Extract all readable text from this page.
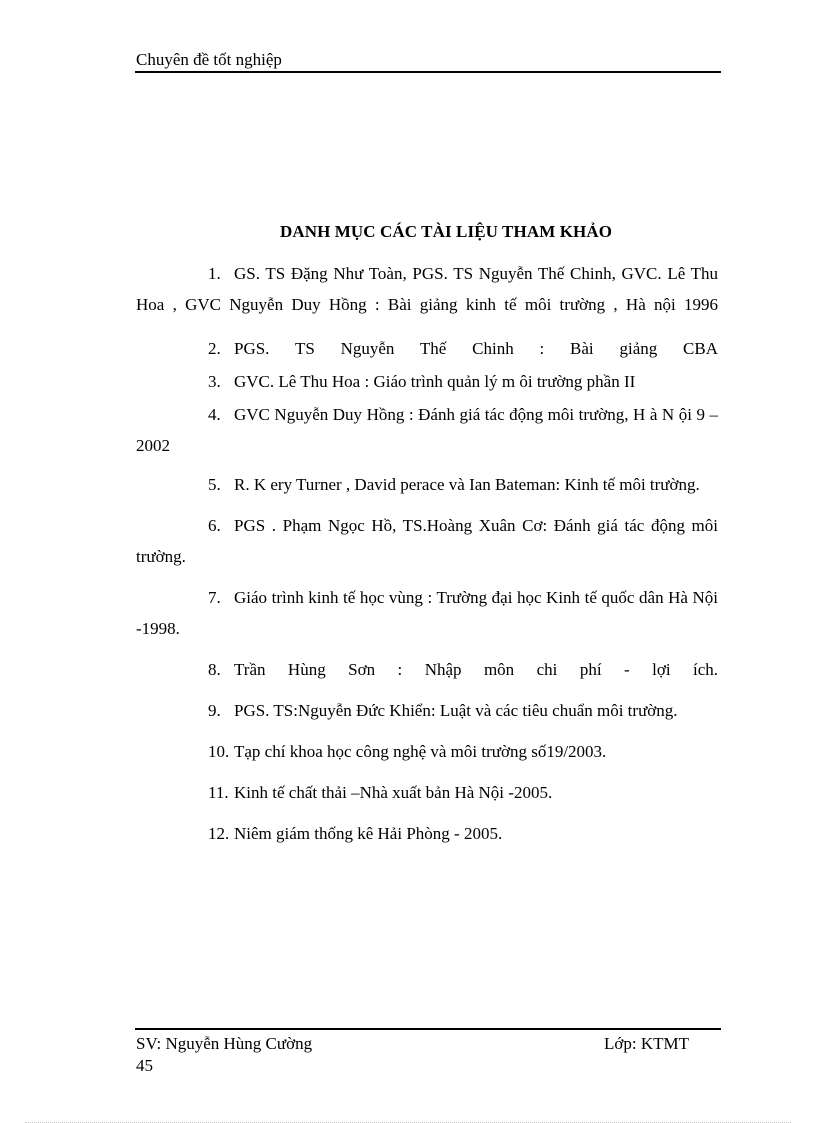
Chuyên đề tốt nghiệp
DANH MỤC CÁC TÀI LIỆU THAM KHẢO

1. GS. TS Đặng Như Toàn, PGS. TS Nguyễn Thế Chinh, GVC. Lê Thu Hoa , GVC Nguyễn Duy Hồng : Bài giảng kinh tế môi trường , Hà nội 1996

2. PGS. TS Nguyễn Thế Chinh : Bài giảng CBA

3. GVC. Lê Thu Hoa : Giáo trình quản lý m ôi trường phần II

4. GVC Nguyễn Duy Hồng : Đánh giá tác động môi trường, H à N ội 9 – 2002

5. R. K ery Turner , David perace và Ian Bateman: Kinh tế môi trường.

6. PGS . Phạm Ngọc Hồ, TS.Hoàng Xuân Cơ: Đánh giá tác động môi trường.

7. Giáo trình kinh tế học vùng : Trường đại học Kinh tế quốc dân Hà Nội -1998.

8. Trần Hùng Sơn : Nhập môn chi phí - lợi ích.

9. PGS. TS:Nguyễn Đức Khiển: Luật và các tiêu chuẩn môi trường.

10. Tạp chí khoa học công nghệ và môi trường số19/2003.

11. Kinh tế chất thải –Nhà xuất bản Hà Nội -2005.

12. Niêm giám thống kê Hải Phòng - 2005.

SV: Nguyễn Hùng Cường	Lớp: KTMT
45
